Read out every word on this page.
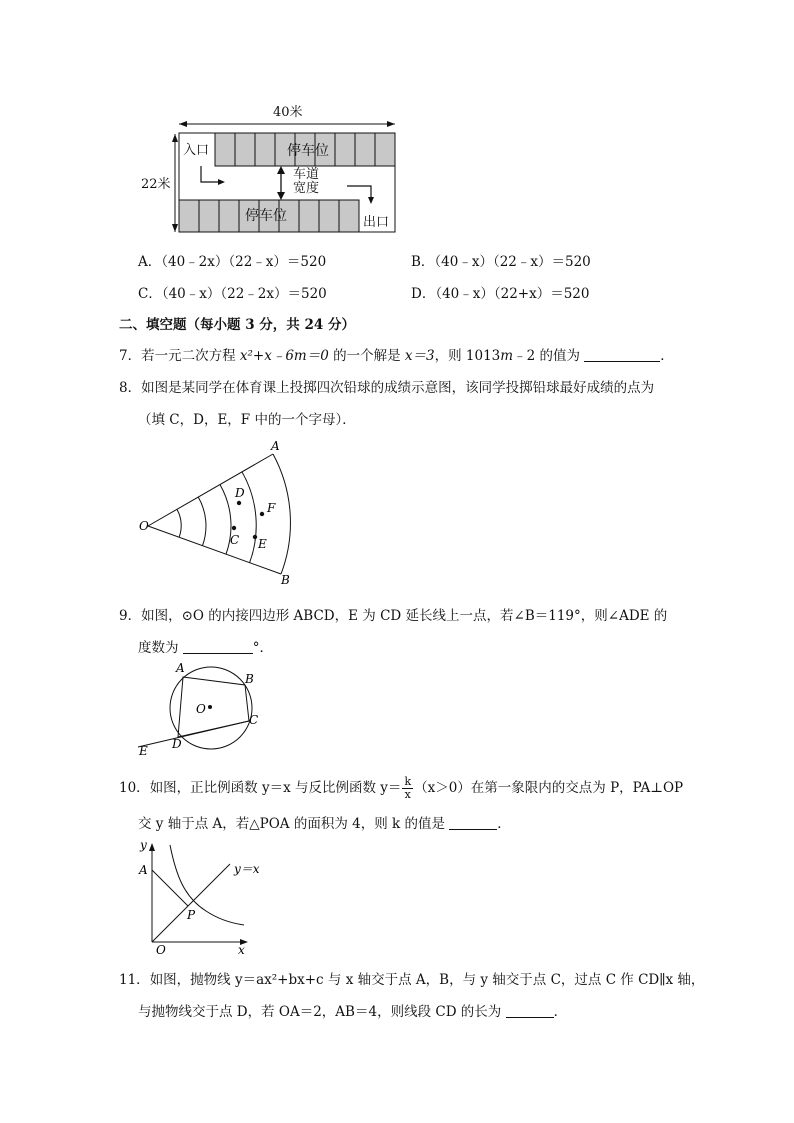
40米
22米
停车位
停车位
入口
出口
车道
宽度
A．（40﹣2x）（22﹣x）＝520	B．（40﹣x）（22﹣x）＝520
C．（40﹣x）（22﹣2x）＝520	D．（40﹣x）（22+x）＝520
二、填空题（每小题 3 分，共 24 分）
7．若一元二次方程 x²+x﹣6m＝0 的一个解是 x＝3，则 1013m﹣2 的值为	．
8．如图是某同学在体育课上投掷四次铅球的成绩示意图，该同学投掷铅球最好成绩的点为
（填 C，D，E，F 中的一个字母）．
O
A
B
D
F
C E
9．如图，⊙O 的内接四边形 ABCD，E 为 CD 延长线上一点，若∠B＝119°，则∠ADE 的
度数为	°．
A
B
C
D
E
O
10．如图，正比例函数 y＝x 与反比例函数 $y= \frac{k}{x} (x>0)$在第一象限内的交点为 P，PA⊥OP
交 y 轴于点 A，若△POA 的面积为 4，则 k 的值是	．
y
x
A
P
O
y＝x
11．如图，抛物线 y＝ax²+bx+c 与 x 轴交于点 A，B，与 y 轴交于点 C，过点 C 作 CD∥x 轴，
与抛物线交于点 D，若 OA＝2，AB＝4，则线段 CD 的长为	．
